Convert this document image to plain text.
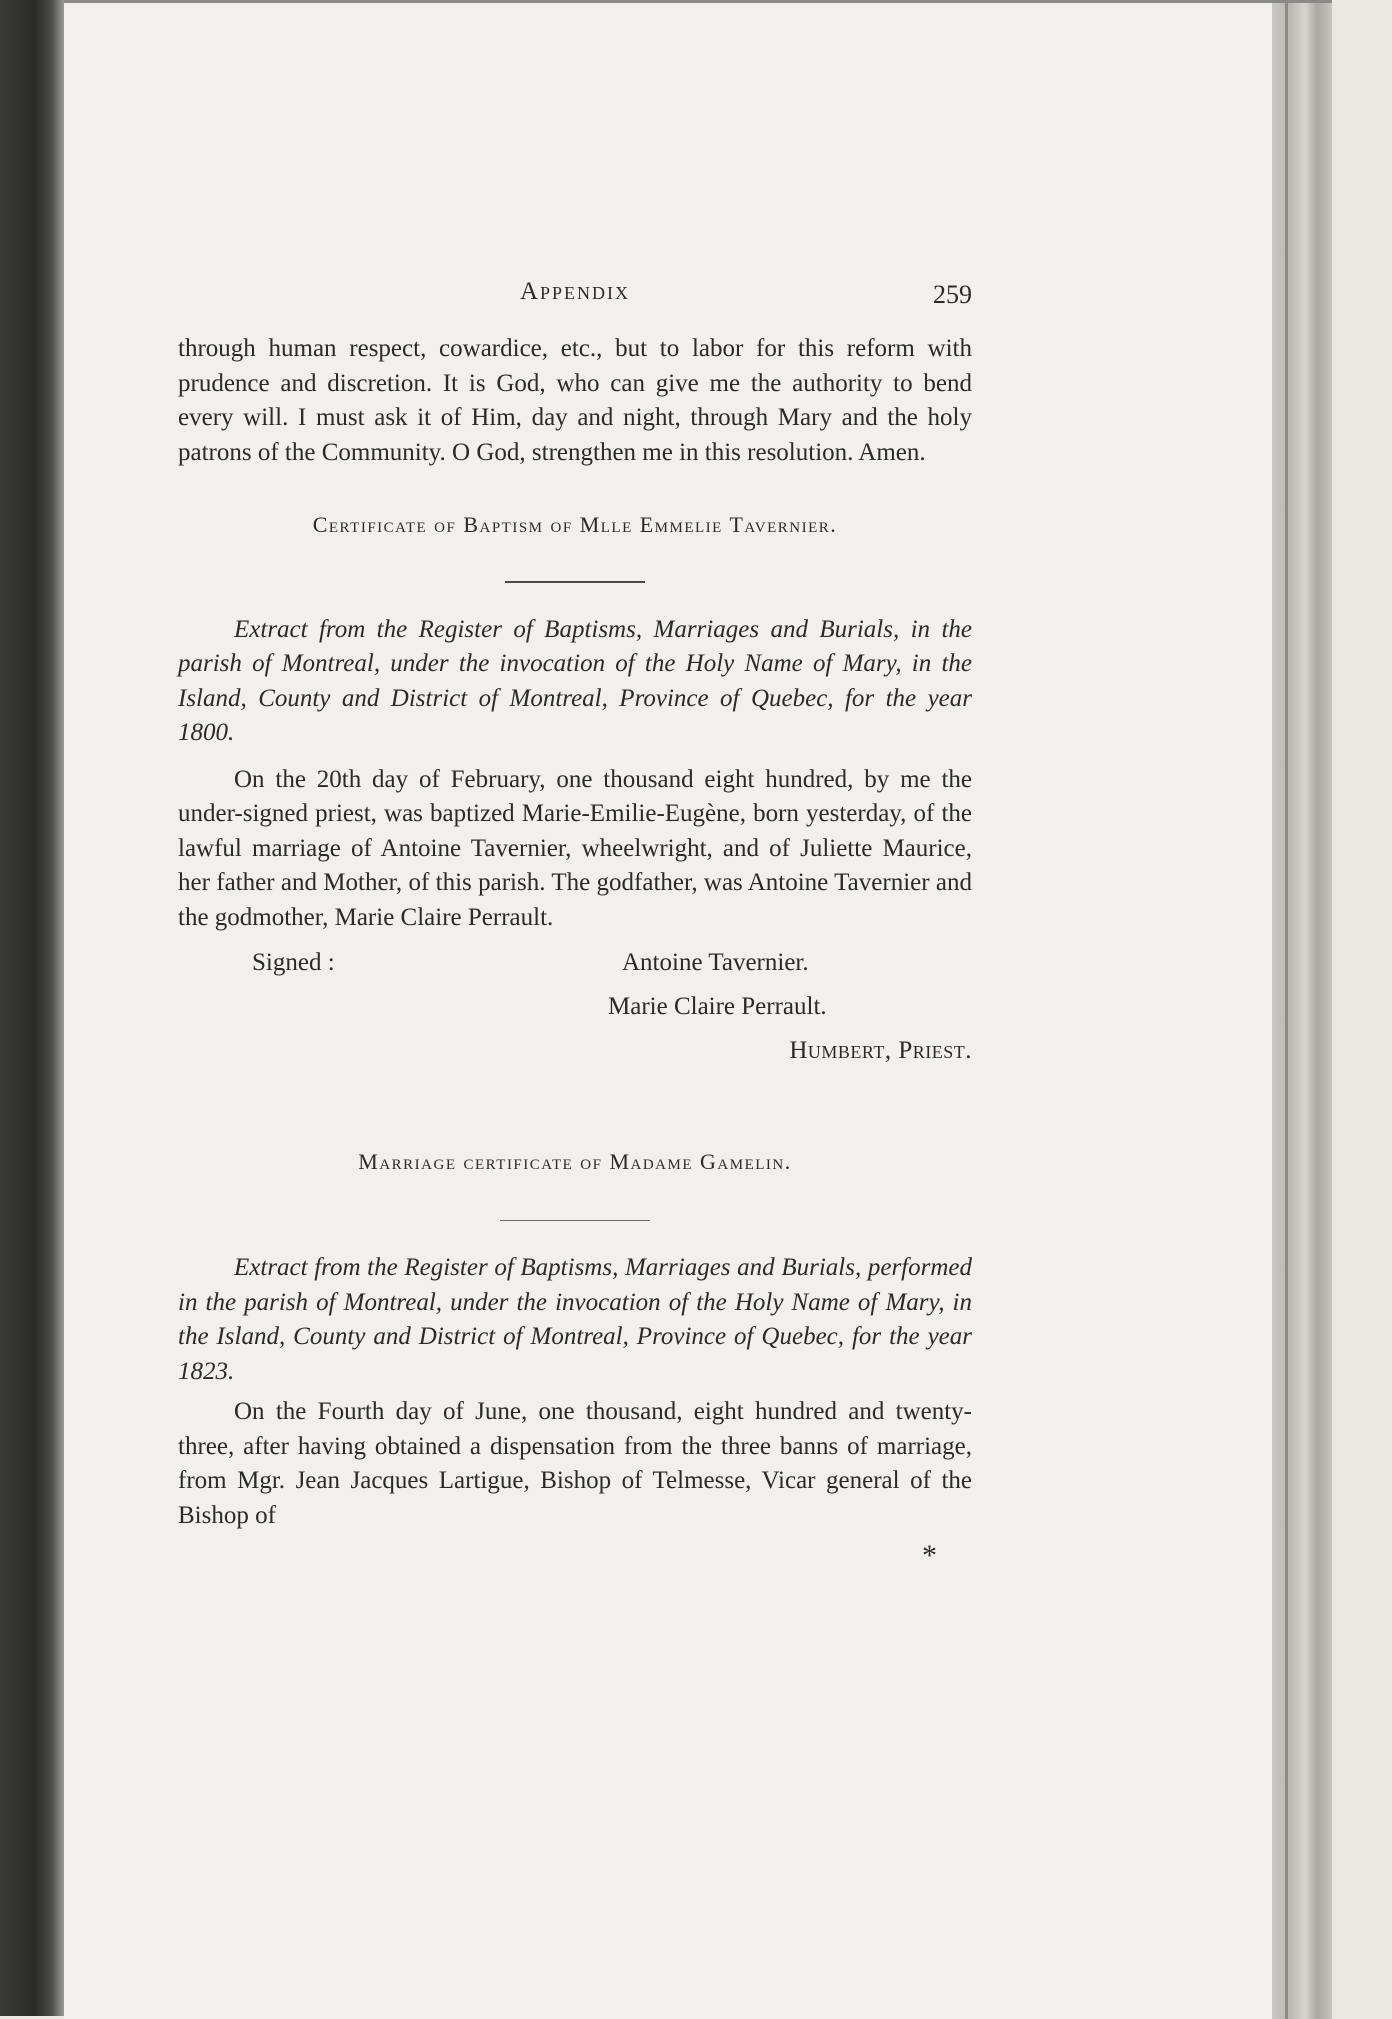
Appendix	259

through human respect, cowardice, etc., but to labor for this reform with prudence and discretion. It is God, who can give me the authority to bend every will. I must ask it of Him, day and night, through Mary and the holy patrons of the Community. O God, strengthen me in this resolution. Amen.

Certificate of Baptism of Mlle Emmelie Tavernier.

Extract from the Register of Baptisms, Marriages and Burials, in the parish of Montreal, under the invocation of the Holy Name of Mary, in the Island, County and District of Montreal, Province of Quebec, for the year 1800.

On the 20th day of February, one thousand eight hundred, by me the under-signed priest, was baptized Marie-Emilie-Eugène, born yesterday, of the lawful marriage of Antoine Tavernier, wheelwright, and of Juliette Maurice, her father and Mother, of this parish. The godfather, was Antoine Tavernier and the godmother, Marie Claire Perrault.

Signed :	Antoine Tavernier.
Marie Claire Perrault.
Humbert, Priest.

Marriage certificate of Madame Gamelin.

Extract from the Register of Baptisms, Marriages and Burials, performed in the parish of Montreal, under the invocation of the Holy Name of Mary, in the Island, County and District of Montreal, Province of Quebec, for the year 1823.

On the Fourth day of June, one thousand, eight hundred and twenty-three, after having obtained a dispensation from the three banns of marriage, from Mgr. Jean Jacques Lartigue, Bishop of Telmesse, Vicar general of the Bishop of

*
